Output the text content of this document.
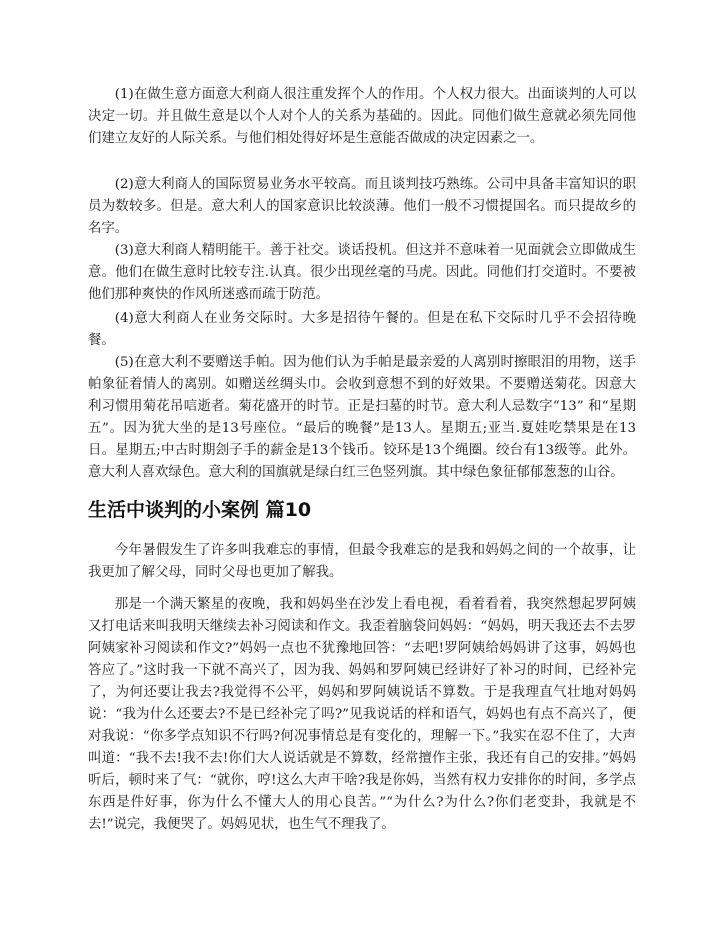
(1)在做生意方面意大利商人很注重发挥个人的作用。个人权力很大。出面谈判的人可以决定一切。并且做生意是以个人对个人的关系为基础的。因此。同他们做生意就必须先同他们建立友好的人际关系。与他们相处得好坏是生意能否做成的决定因素之一。

(2)意大利商人的国际贸易业务水平较高。而且谈判技巧熟练。公司中具备丰富知识的职员为数较多。但是。意大利人的国家意识比较淡薄。他们一般不习惯提国名。而只提故乡的名字。

(3)意大利商人精明能干。善于社交。谈话投机。但这并不意味着一见面就会立即做成生意。他们在做生意时比较专注.认真。很少出现丝毫的马虎。因此。同他们打交道时。不要被他们那种爽快的作风所迷惑而疏于防范。

(4)意大利商人在业务交际时。大多是招待午餐的。但是在私下交际时几乎不会招待晚餐。

(5)在意大利不要赠送手帕。因为他们认为手帕是最亲爱的人离别时擦眼泪的用物，送手帕象征着情人的离别。如赠送丝绸头巾。会收到意想不到的好效果。不要赠送菊花。因意大利习惯用菊花吊唁逝者。菊花盛开的时节。正是扫墓的时节。意大利人忌数字“13” 和“星期五”。因为犹大坐的是13号座位。“最后的晚餐”是13人。星期五;亚当.夏娃吃禁果是在13日。星期五;中古时期刽子手的薪金是13个钱币。铰环是13个绳圈。绞台有13级等。此外。意大利人喜欢绿色。意大利的国旗就是绿白红三色竖列旗。其中绿色象征郁郁葱葱的山谷。

生活中谈判的小案例 篇10

今年暑假发生了许多叫我难忘的事情，但最令我难忘的是我和妈妈之间的一个故事，让我更加了解父母，同时父母也更加了解我。

那是一个满天繁星的夜晚，我和妈妈坐在沙发上看电视，看着看着，我突然想起罗阿姨又打电话来叫我明天继续去补习阅读和作文。我歪着脑袋问妈妈：“妈妈，明天我还去不去罗阿姨家补习阅读和作文?”妈妈一点也不犹豫地回答：“去吧!罗阿姨给妈妈讲了这事，妈妈也答应了。”这时我一下就不高兴了，因为我、妈妈和罗阿姨已经讲好了补习的时间，已经补完了，为何还要让我去?我觉得不公平，妈妈和罗阿姨说话不算数。于是我理直气壮地对妈妈说：“我为什么还要去?不是已经补完了吗?”见我说话的样和语气，妈妈也有点不高兴了，便对我说：“你多学点知识不行吗?何况事情总是有变化的，理解一下。”我实在忍不住了，大声叫道：“我不去!我不去!你们大人说话就是不算数，经常擅作主张，我还有自己的安排。”妈妈听后，顿时来了气：“就你，哼!这么大声干啥?我是你妈，当然有权力安排你的时间，多学点东西是件好事，你为什么不懂大人的用心良苦。”“为什么?为什么?你们老变卦，我就是不去!”说完，我便哭了。妈妈见状，也生气不理我了。
